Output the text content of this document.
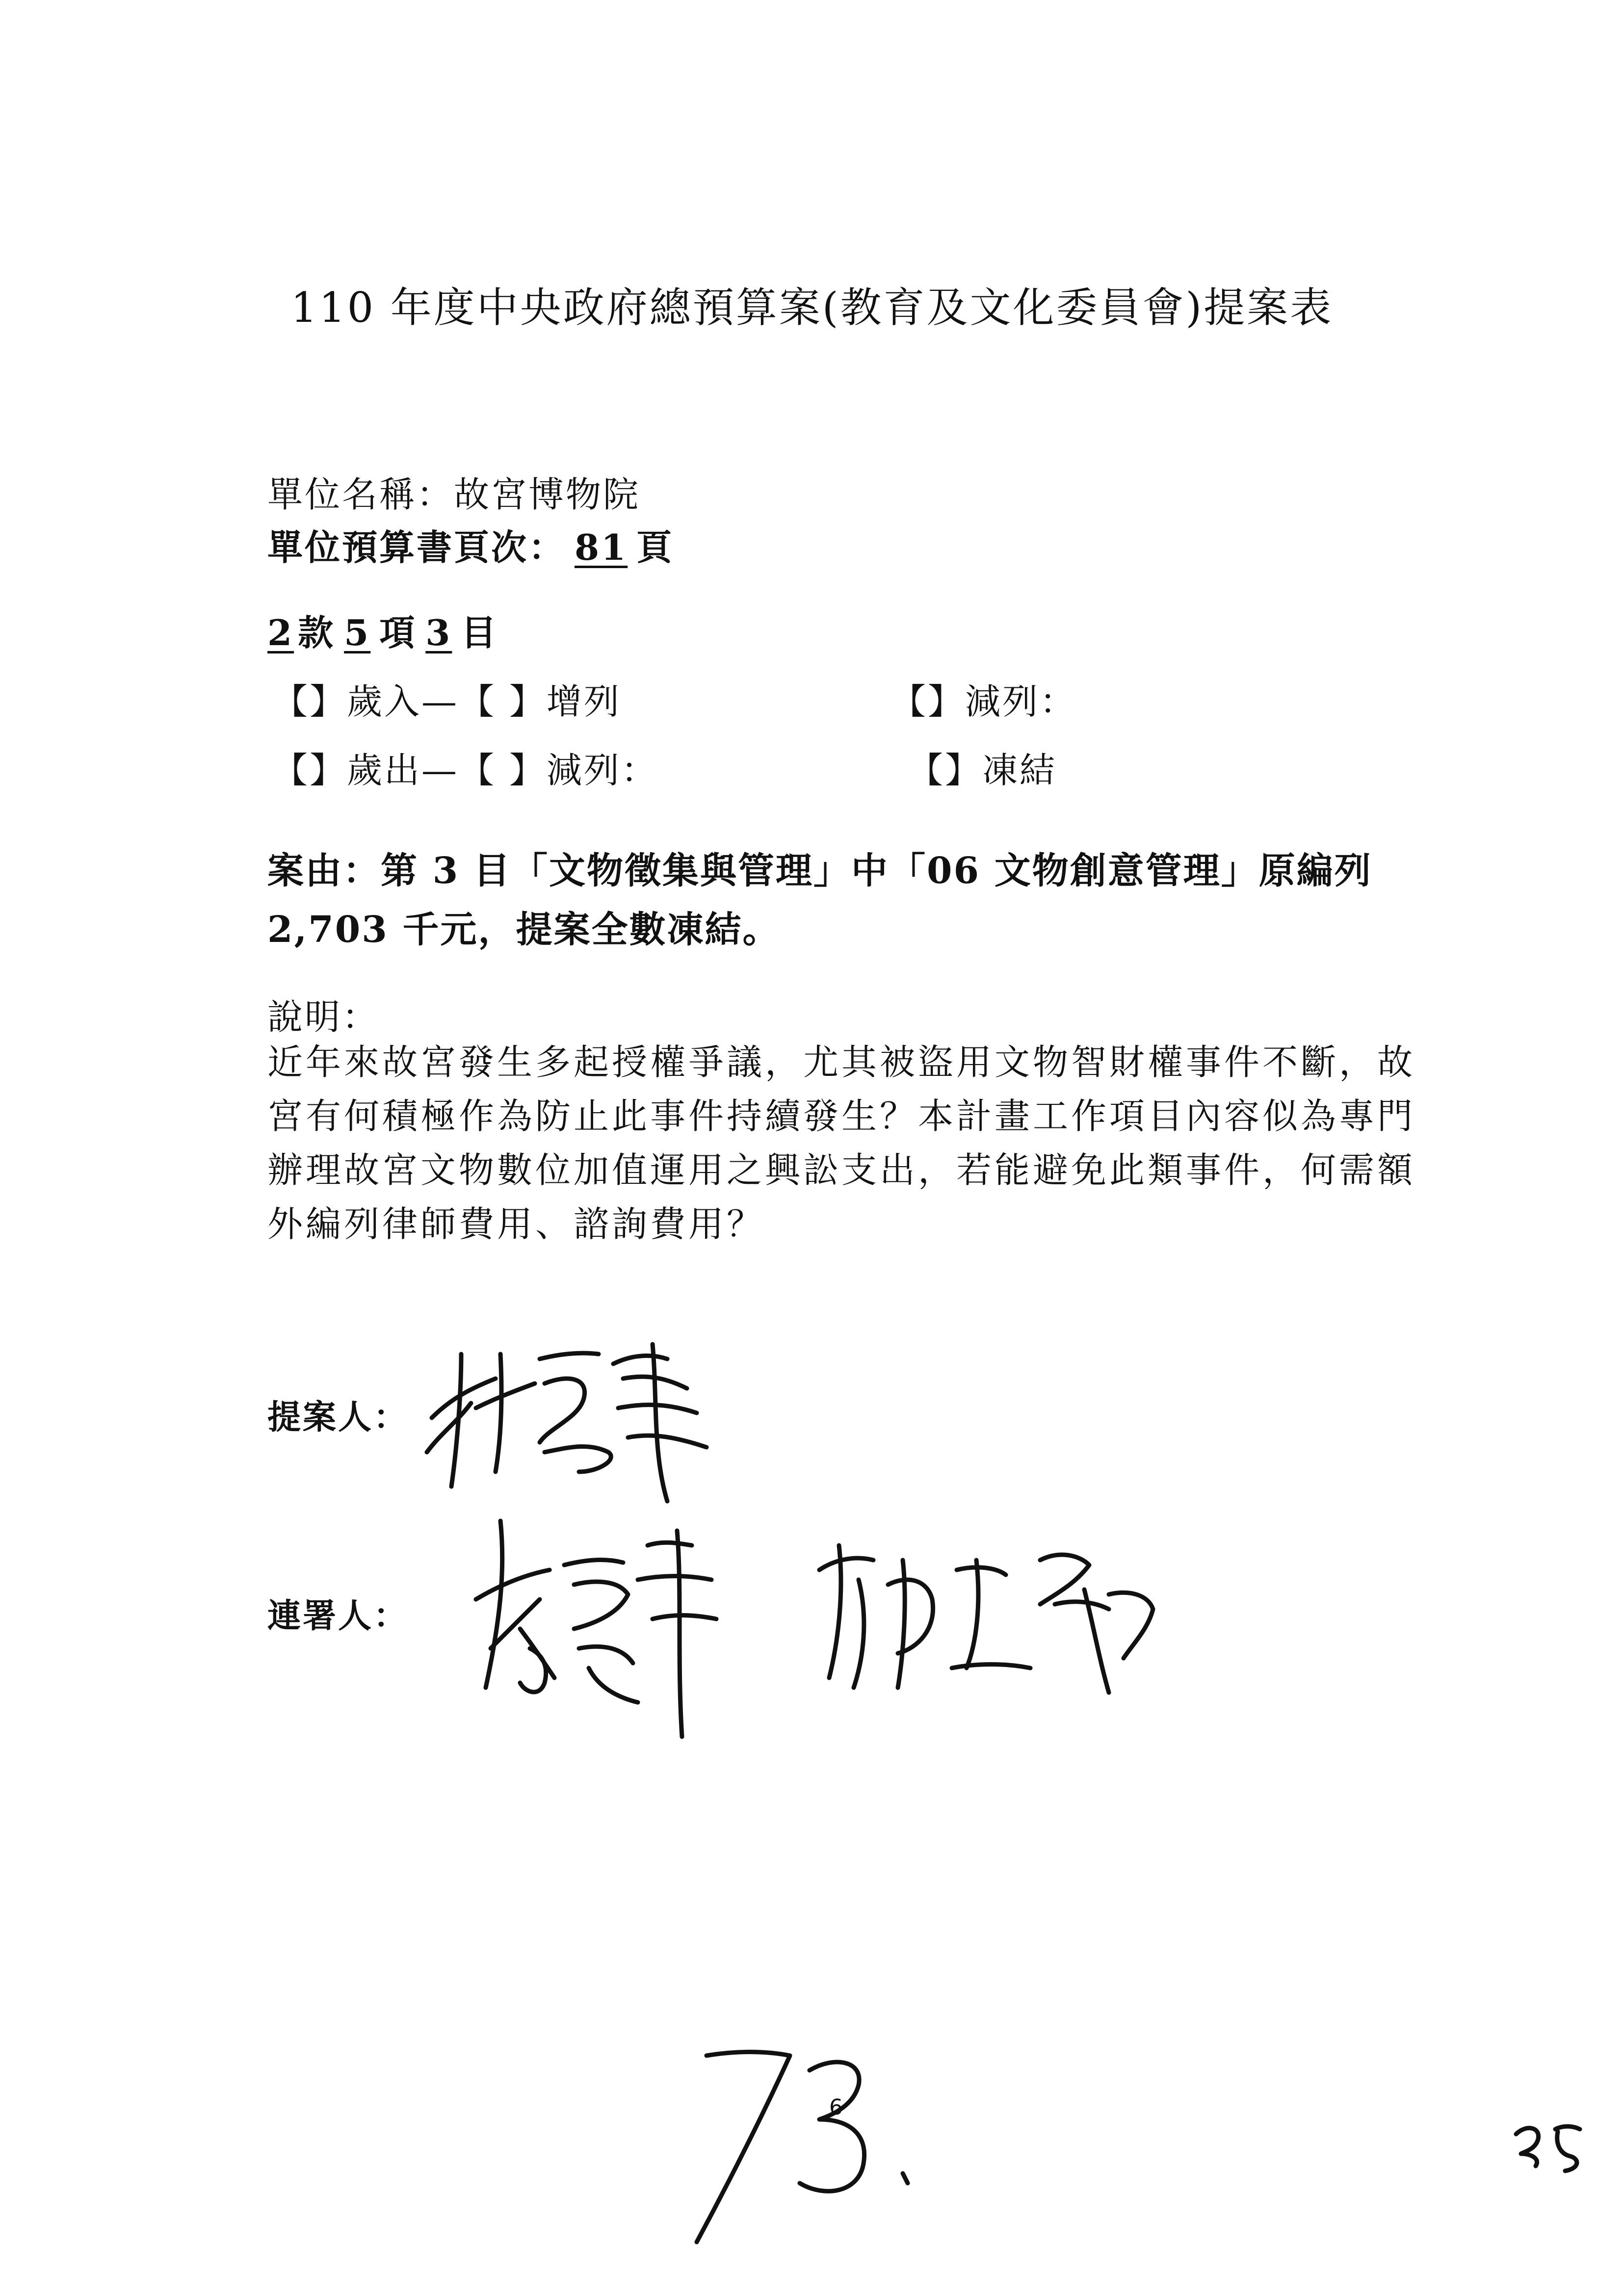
110 年度中央政府總預算案(教育及文化委員會)提案表
單位名稱：故宮博物院
單位預算書頁次： 81 頁
2 款 5 項 3 目
【】歲入—【 】增列	【】減列：
【】歲出—【 】減列：	【】凍結
案由：第 3 目「文物徵集與管理」中「06 文物創意管理」原編列 2,703 千元，提案全數凍結。
說明：
近年來故宮發生多起授權爭議，尤其被盜用文物智財權事件不斷，故宮有何積極作為防止此事件持續發生？本計畫工作項目內容似為專門辦理故宮文物數位加值運用之興訟支出，若能避免此類事件，何需額外編列律師費用、諮詢費用？
提案人：
連署人：
6
